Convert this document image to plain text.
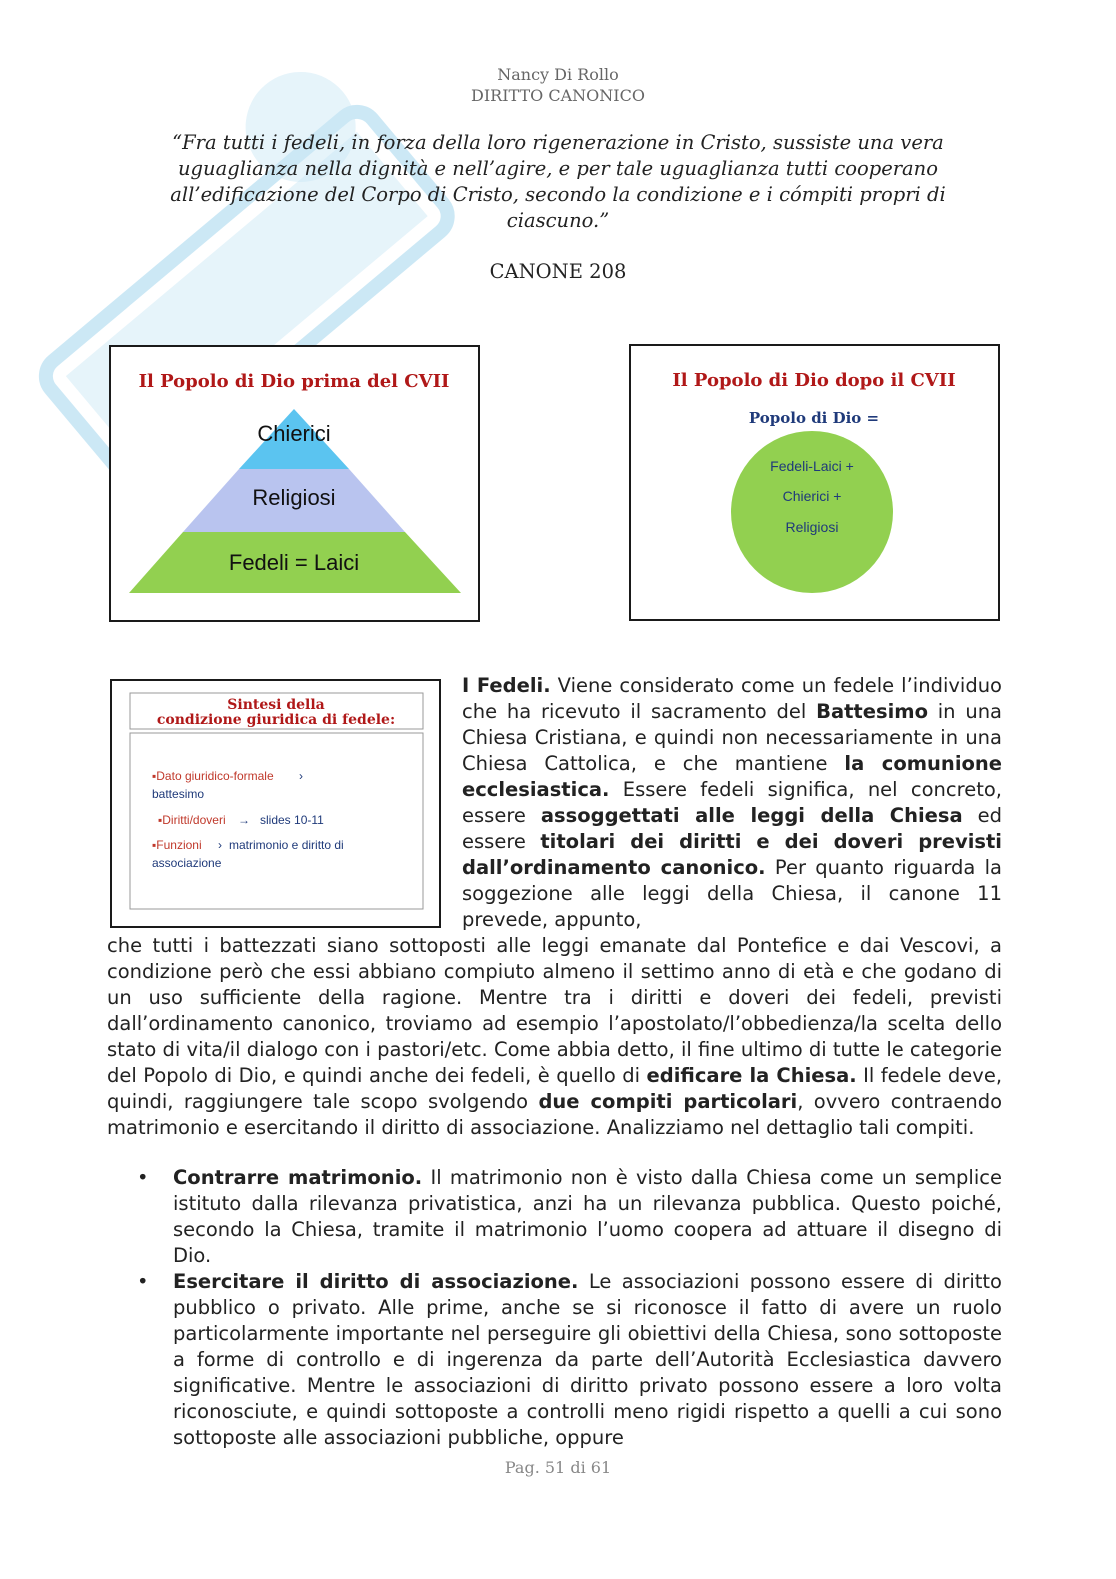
Nancy Di Rollo
DIRITTO CANONICO
“Fra tutti i fedeli, in forza della loro rigenerazione in Cristo, sussiste una vera uguaglianza nella dignità e nell’agire, e per tale uguaglianza tutti cooperano all’edificazione del Corpo di Cristo, secondo la condizione e i cómpiti propri di ciascuno.”
CANONE 208
Il Popolo di Dio prima del CVII
Chierici
Religiosi
Fedeli = Laici
Il Popolo di Dio dopo il CVII
Popolo di Dio =
Fedeli-Laici +
Chierici +
Religiosi
Sintesi della
condizione giuridica di fedele:
▪Dato giuridico-formale ›
battesimo
▪Diritti/doveri → slides 10-11
▪Funzioni › matrimonio e diritto di
associazione
I Fedeli. Viene considerato come un fedele l’individuo che ha ricevuto il sacramento del Battesimo in una Chiesa Cristiana, e quindi non necessariamente in una Chiesa Cattolica, e che mantiene la comunione ecclesiastica. Essere fedeli significa, nel concreto, essere assoggettati alle leggi della Chiesa ed essere titolari dei diritti e dei doveri previsti dall’ordinamento canonico. Per quanto riguarda la soggezione alle leggi della Chiesa, il canone 11 prevede, appunto,
che tutti i battezzati siano sottoposti alle leggi emanate dal Pontefice e dai Vescovi, a condizione però che essi abbiano compiuto almeno il settimo anno di età e che godano di un uso sufficiente della ragione. Mentre tra i diritti e doveri dei fedeli, previsti dall’ordinamento canonico, troviamo ad esempio l’apostolato/l’obbedienza/la scelta dello stato di vita/il dialogo con i pastori/etc. Come abbia detto, il fine ultimo di tutte le categorie del Popolo di Dio, e quindi anche dei fedeli, è quello di edificare la Chiesa. Il fedele deve, quindi, raggiungere tale scopo svolgendo due compiti particolari, ovvero contraendo matrimonio e esercitando il diritto di associazione. Analizziamo nel dettaglio tali compiti.
• Contrarre matrimonio. Il matrimonio non è visto dalla Chiesa come un semplice istituto dalla rilevanza privatistica, anzi ha un rilevanza pubblica. Questo poiché, secondo la Chiesa, tramite il matrimonio l’uomo coopera ad attuare il disegno di Dio.
• Esercitare il diritto di associazione. Le associazioni possono essere di diritto pubblico o privato. Alle prime, anche se si riconosce il fatto di avere un ruolo particolarmente importante nel perseguire gli obiettivi della Chiesa, sono sottoposte a forme di controllo e di ingerenza da parte dell’Autorità Ecclesiastica davvero significative. Mentre le associazioni di diritto privato possono essere a loro volta riconosciute, e quindi sottoposte a controlli meno rigidi rispetto a quelli a cui sono sottoposte alle associazioni pubbliche, oppure
Pag. 51 di 61
